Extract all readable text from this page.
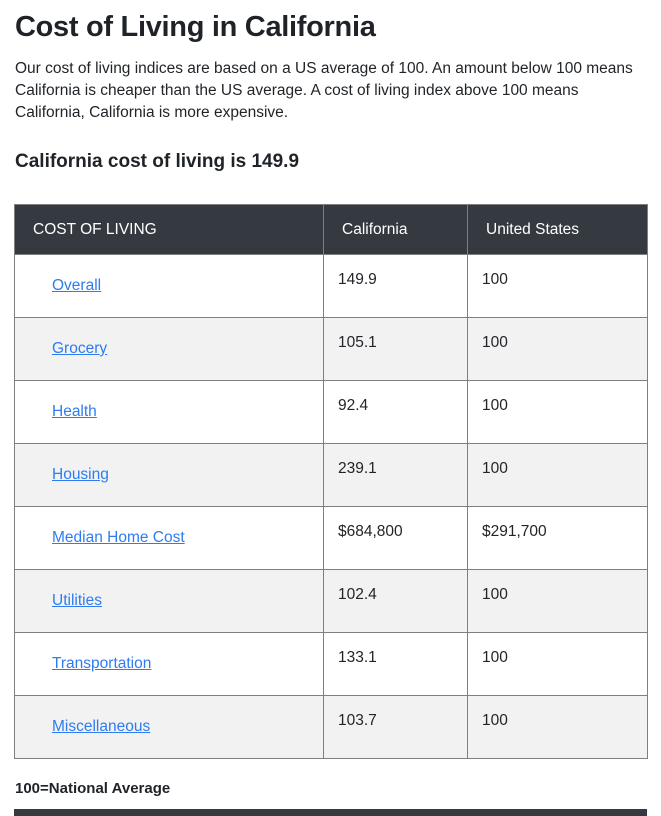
Cost of Living in California

Our cost of living indices are based on a US average of 100. An amount below 100 means California is cheaper than the US average. A cost of living index above 100 means California, California is more expensive.

California cost of living is 149.9
COST OF LIVING	California	United States
Overall	149.9	100
Grocery	105.1	100
Health	92.4	100
Housing	239.1	100
Median Home Cost	$684,800	$291,700
Utilities	102.4	100
Transportation	133.1	100
Miscellaneous	103.7	100

100=National Average
